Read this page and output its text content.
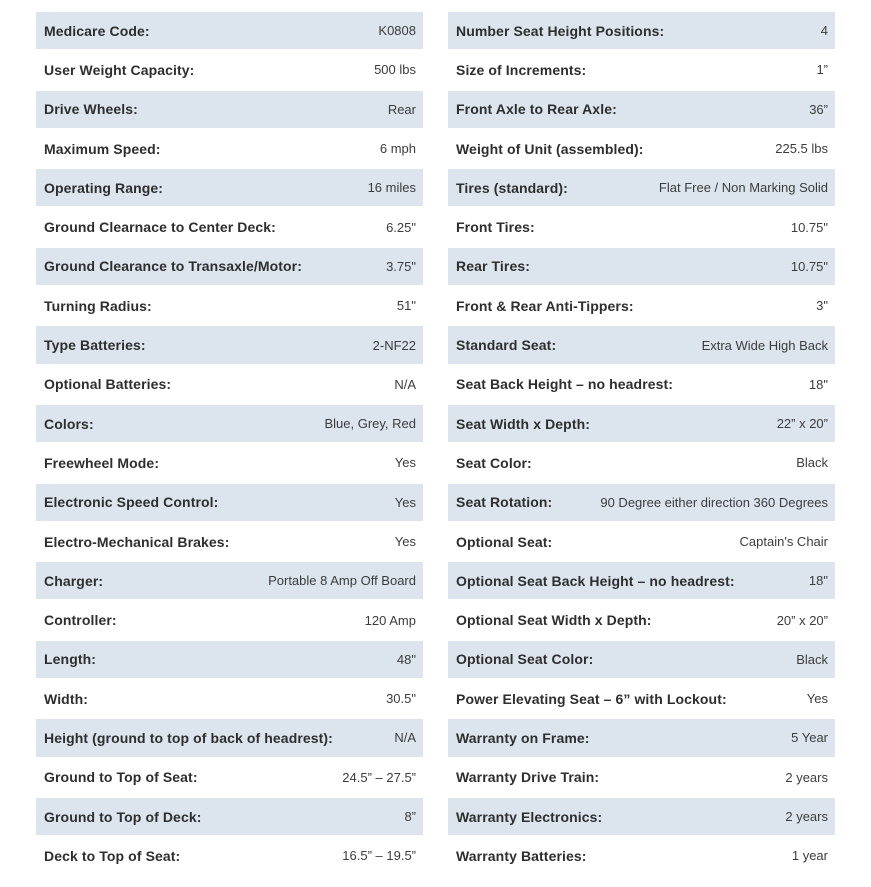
Medicare Code:	K0808
User Weight Capacity:	500 lbs
Drive Wheels:	Rear
Maximum Speed:	6 mph
Operating Range:	16 miles
Ground Clearnace to Center Deck:	6.25"
Ground Clearance to Transaxle/Motor:	3.75"
Turning Radius:	51"
Type Batteries:	2-NF22
Optional Batteries:	N/A
Colors:	Blue, Grey, Red
Freewheel Mode:	Yes
Electronic Speed Control:	Yes
Electro-Mechanical Brakes:	Yes
Charger:	Portable 8 Amp Off Board
Controller:	120 Amp
Length:	48"
Width:	30.5"
Height (ground to top of back of headrest):	N/A
Ground to Top of Seat:	24.5” – 27.5”
Ground to Top of Deck:	8”
Deck to Top of Seat:	16.5” – 19.5”
Number Seat Height Positions:	4
Size of Increments:	1”
Front Axle to Rear Axle:	36”
Weight of Unit (assembled):	225.5 lbs
Tires (standard):	Flat Free / Non Marking Solid
Front Tires:	10.75"
Rear Tires:	10.75"
Front & Rear Anti-Tippers:	3"
Standard Seat:	Extra Wide High Back
Seat Back Height – no headrest:	18"
Seat Width x Depth:	22” x 20”
Seat Color:	Black
Seat Rotation:	90 Degree either direction 360 Degrees
Optional Seat:	Captain's Chair
Optional Seat Back Height – no headrest:	18"
Optional Seat Width x Depth:	20” x 20”
Optional Seat Color:	Black
Power Elevating Seat – 6” with Lockout:	Yes
Warranty on Frame:	5 Year
Warranty Drive Train:	2 years
Warranty Electronics:	2 years
Warranty Batteries:	1 year
